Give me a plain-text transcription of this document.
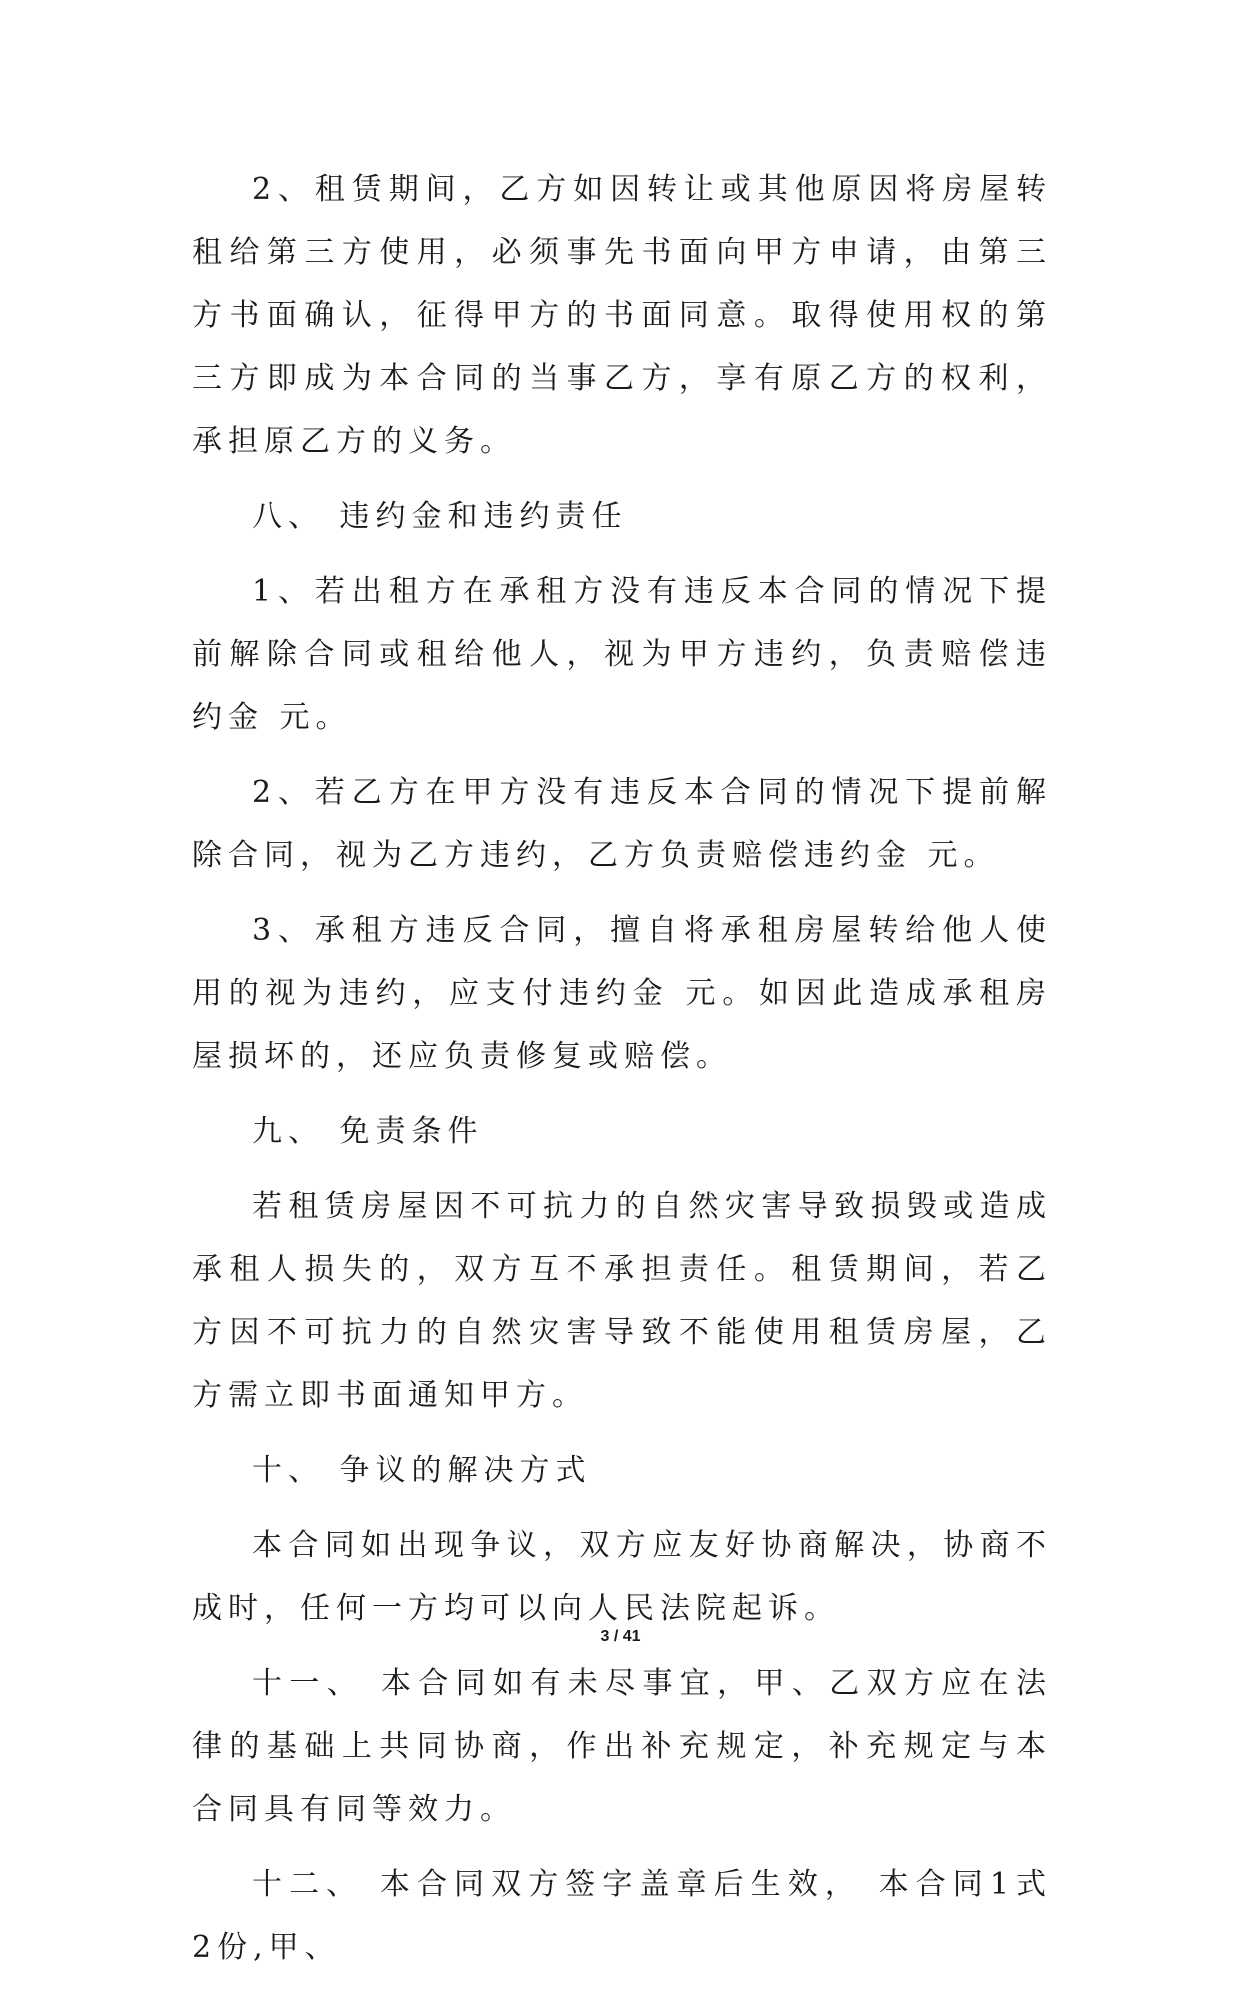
2、租赁期间，乙方如因转让或其他原因将房屋转租给第三方使用，必须事先书面向甲方申请，由第三方书面确认，征得甲方的书面同意。取得使用权的第三方即成为本合同的当事乙方，享有原乙方的权利，承担原乙方的义务。

八、 违约金和违约责任

1、若出租方在承租方没有违反本合同的情况下提前解除合同或租给他人，视为甲方违约，负责赔偿违约金 元。

2、若乙方在甲方没有违反本合同的情况下提前解除合同，视为乙方违约，乙方负责赔偿违约金 元。

3、承租方违反合同，擅自将承租房屋转给他人使用的视为违约，应支付违约金 元。如因此造成承租房屋损坏的，还应负责修复或赔偿。

九、 免责条件

若租赁房屋因不可抗力的自然灾害导致损毁或造成承租人损失的，双方互不承担责任。租赁期间，若乙方因不可抗力的自然灾害导致不能使用租赁房屋，乙方需立即书面通知甲方。

十、 争议的解决方式

本合同如出现争议，双方应友好协商解决，协商不成时，任何一方均可以向人民法院起诉。

十一、 本合同如有未尽事宜，甲、乙双方应在法律的基础上共同协商，作出补充规定，补充规定与本合同具有同等效力。

十二、 本合同双方签字盖章后生效， 本合同1式2份,甲、

3 / 41
